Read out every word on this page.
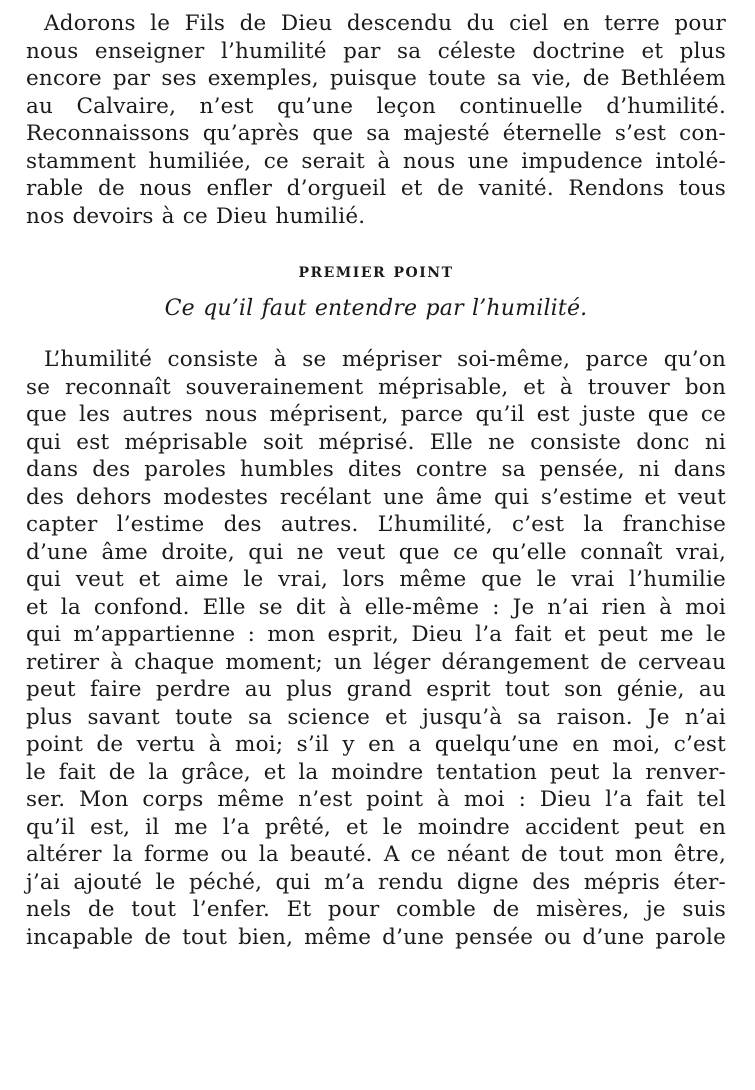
Adorons le Fils de Dieu descendu du ciel en terre pour
nous enseigner l’humilité par sa céleste doctrine et plus
encore par ses exemples, puisque toute sa vie, de Bethléem
au Calvaire, n’est qu’une leçon continuelle d’humilité.
Reconnaissons qu’après que sa majesté éternelle s’est con-
stamment humiliée, ce serait à nous une impudence intolé-
rable de nous enfler d’orgueil et de vanité. Rendons tous
nos devoirs à ce Dieu humilié.
PREMIER POINT
Ce qu’il faut entendre par l’humilité.
L’humilité consiste à se mépriser soi-même, parce qu’on
se reconnaît souverainement méprisable, et à trouver bon
que les autres nous méprisent, parce qu’il est juste que ce
qui est méprisable soit méprisé. Elle ne consiste donc ni
dans des paroles humbles dites contre sa pensée, ni dans
des dehors modestes recélant une âme qui s’estime et veut
capter l’estime des autres. L’humilité, c’est la franchise
d’une âme droite, qui ne veut que ce qu’elle connaît vrai,
qui veut et aime le vrai, lors même que le vrai l’humilie
et la confond. Elle se dit à elle-même : Je n’ai rien à moi
qui m’appartienne : mon esprit, Dieu l’a fait et peut me le
retirer à chaque moment; un léger dérangement de cerveau
peut faire perdre au plus grand esprit tout son génie, au
plus savant toute sa science et jusqu’à sa raison. Je n’ai
point de vertu à moi; s’il y en a quelqu’une en moi, c’est
le fait de la grâce, et la moindre tentation peut la renver-
ser. Mon corps même n’est point à moi : Dieu l’a fait tel
qu’il est, il me l’a prêté, et le moindre accident peut en
altérer la forme ou la beauté. A ce néant de tout mon être,
j’ai ajouté le péché, qui m’a rendu digne des mépris éter-
nels de tout l’enfer. Et pour comble de misères, je suis
incapable de tout bien, même d’une pensée ou d’une parole
